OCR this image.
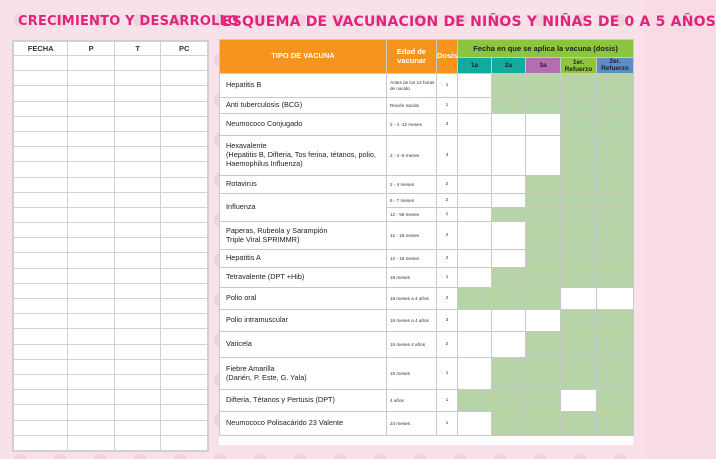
CRECIMIENTO Y DESARROLLO
ESQUEMA DE VACUNACION DE NIÑOS Y NIÑAS DE 0 A 5 AÑOS
FECHA	P	T	PC

TIPO DE VACUNA	Edad de vacunar	Dosis	Fecha en que se aplica la vacuna (dosis)				
			1a	2a	3a	1er. Refuerzo	2er. Refuerzo
Hepatitis B	Antes de los 12 horas de nacido	1					
Anti tuberculosis (BCG)	Recién nacido	1					
Neumococo Conjugado	2 - 4 -12 meses	3					
Hexavalente
(Hepatitis B, Difteria, Tos ferina, tétanos, polio, Haemophilus Influenza)	2 - 4 -6 meses	3					
Rotavirus	2 - 4 meses	2					
Influenza	6 - 7 meses	2					
	12 - 59 meses	1					
Paperas, Rubeola y Sarampión
Triple Viral SPRIMMR)	12 - 18 meses	2					
Hepatitis A	12 - 18 meses	2					
Tetravalente (DPT +Hib)	18 meses	1					
Polio oral	18 meses a 4 años	2					
Polio intramuscular	18 meses a 4 años	3					
Varicela	15 meses 4 años	2					
Fiebre Amarilla
(Darién, P. Este, G. Yala)	15 meses	1					
Difteria, Tétanos y Pertusis (DPT)	4 años	1					
Neumococo Polisacárido 23 Valente	24 meses	1					
